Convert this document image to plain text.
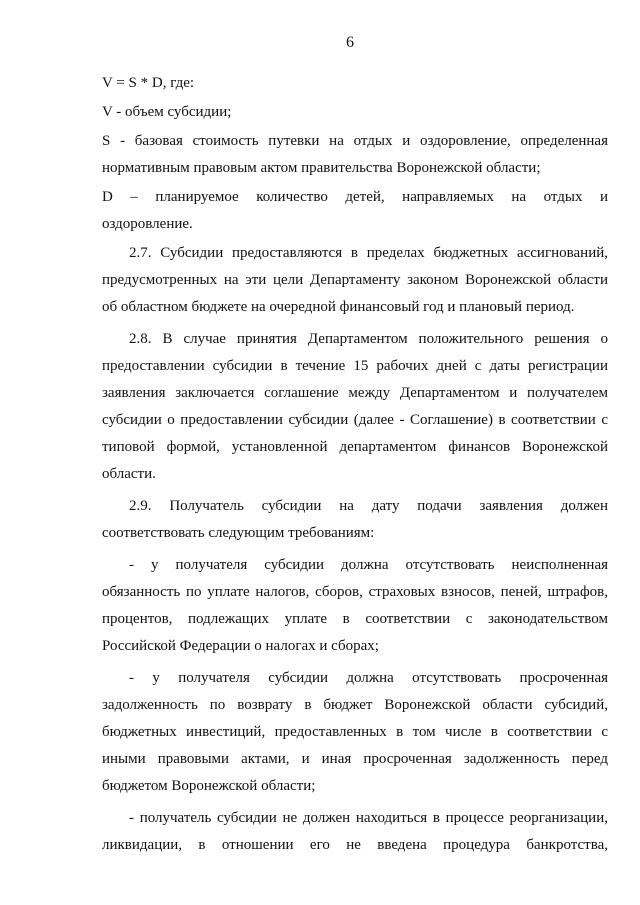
6
V = S * D, где:
V - объем субсидии;
S - базовая стоимость путевки на отдых и оздоровление, определенная
нормативным правовым актом правительства Воронежской области;
D – планируемое количество детей, направляемых на отдых и
оздоровление.
2.7. Субсидии предоставляются в пределах бюджетных ассигнований,
предусмотренных на эти цели Департаменту законом Воронежской области
об областном бюджете на очередной финансовый год и плановый период.
2.8. В случае принятия Департаментом положительного решения о
предоставлении субсидии в течение 15 рабочих дней с даты регистрации
заявления заключается соглашение между Департаментом и получателем
субсидии о предоставлении субсидии (далее - Соглашение) в соответствии с
типовой формой, установленной департаментом финансов Воронежской
области.
2.9. Получатель субсидии на дату подачи заявления должен
соответствовать следующим требованиям:
- у получателя субсидии должна отсутствовать неисполненная
обязанность по уплате налогов, сборов, страховых взносов, пеней, штрафов,
процентов, подлежащих уплате в соответствии с законодательством
Российской Федерации о налогах и сборах;
- у получателя субсидии должна отсутствовать просроченная
задолженность по возврату в бюджет Воронежской области субсидий,
бюджетных инвестиций, предоставленных в том числе в соответствии с
иными правовыми актами, и иная просроченная задолженность перед
бюджетом Воронежской области;
- получатель субсидии не должен находиться в процессе реорганизации,
ликвидации, в отношении его не введена процедура банкротства,
